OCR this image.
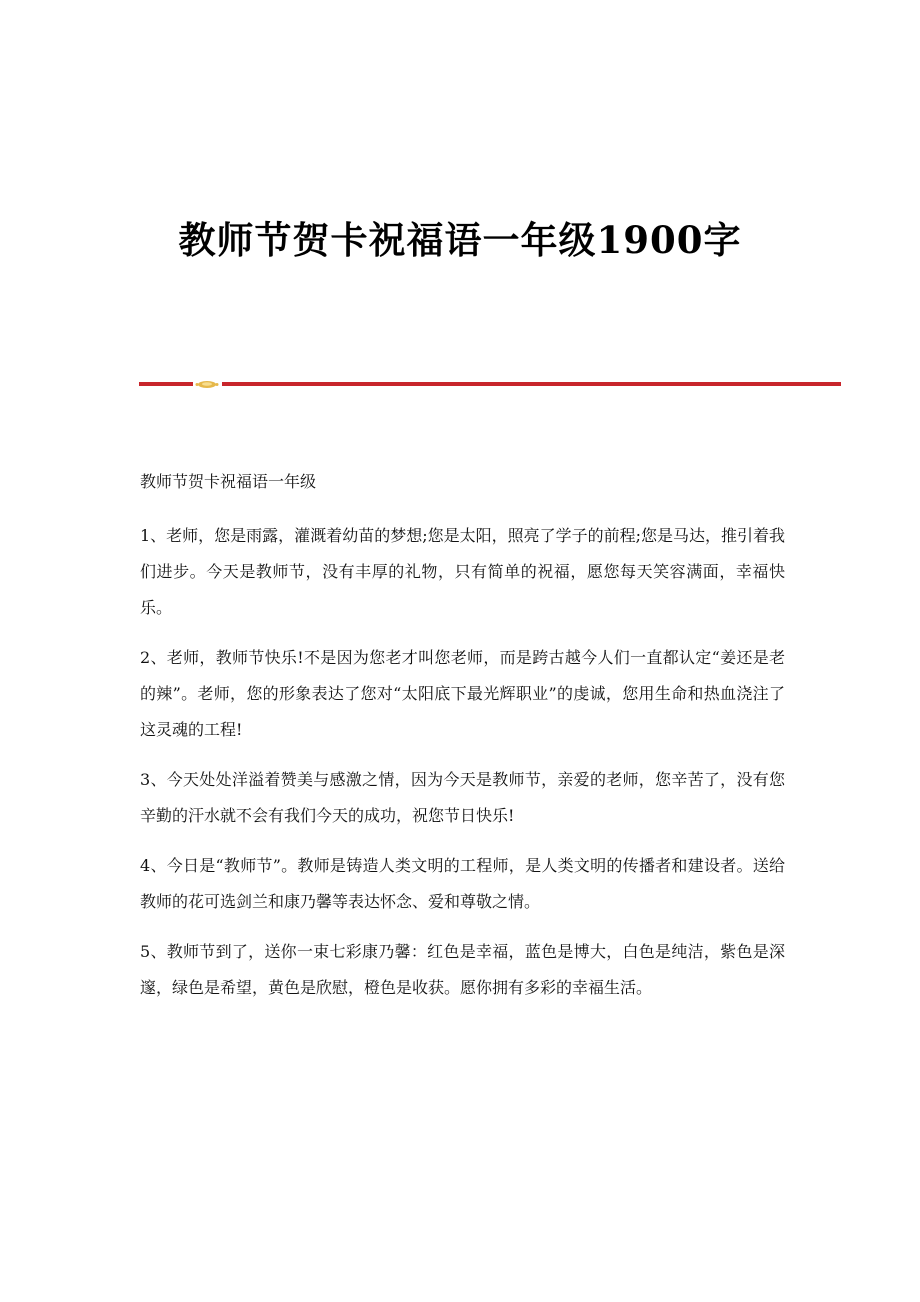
教师节贺卡祝福语一年级1900字

教师节贺卡祝福语一年级

1、老师，您是雨露，灌溉着幼苗的梦想;您是太阳，照亮了学子的前程;您是马达，推引着我们进步。今天是教师节，没有丰厚的礼物，只有简单的祝福，愿您每天笑容满面，幸福快乐。

2、老师，教师节快乐!不是因为您老才叫您老师，而是跨古越今人们一直都认定“姜还是老的辣”。老师，您的形象表达了您对“太阳底下最光辉职业”的虔诚，您用生命和热血浇注了这灵魂的工程!

3、今天处处洋溢着赞美与感激之情，因为今天是教师节，亲爱的老师，您辛苦了，没有您辛勤的汗水就不会有我们今天的成功，祝您节日快乐!

4、今日是“教师节”。教师是铸造人类文明的工程师，是人类文明的传播者和建设者。送给教师的花可选剑兰和康乃馨等表达怀念、爱和尊敬之情。

5、教师节到了，送你一束七彩康乃馨：红色是幸福，蓝色是博大，白色是纯洁，紫色是深邃，绿色是希望，黄色是欣慰，橙色是收获。愿你拥有多彩的幸福生活。
